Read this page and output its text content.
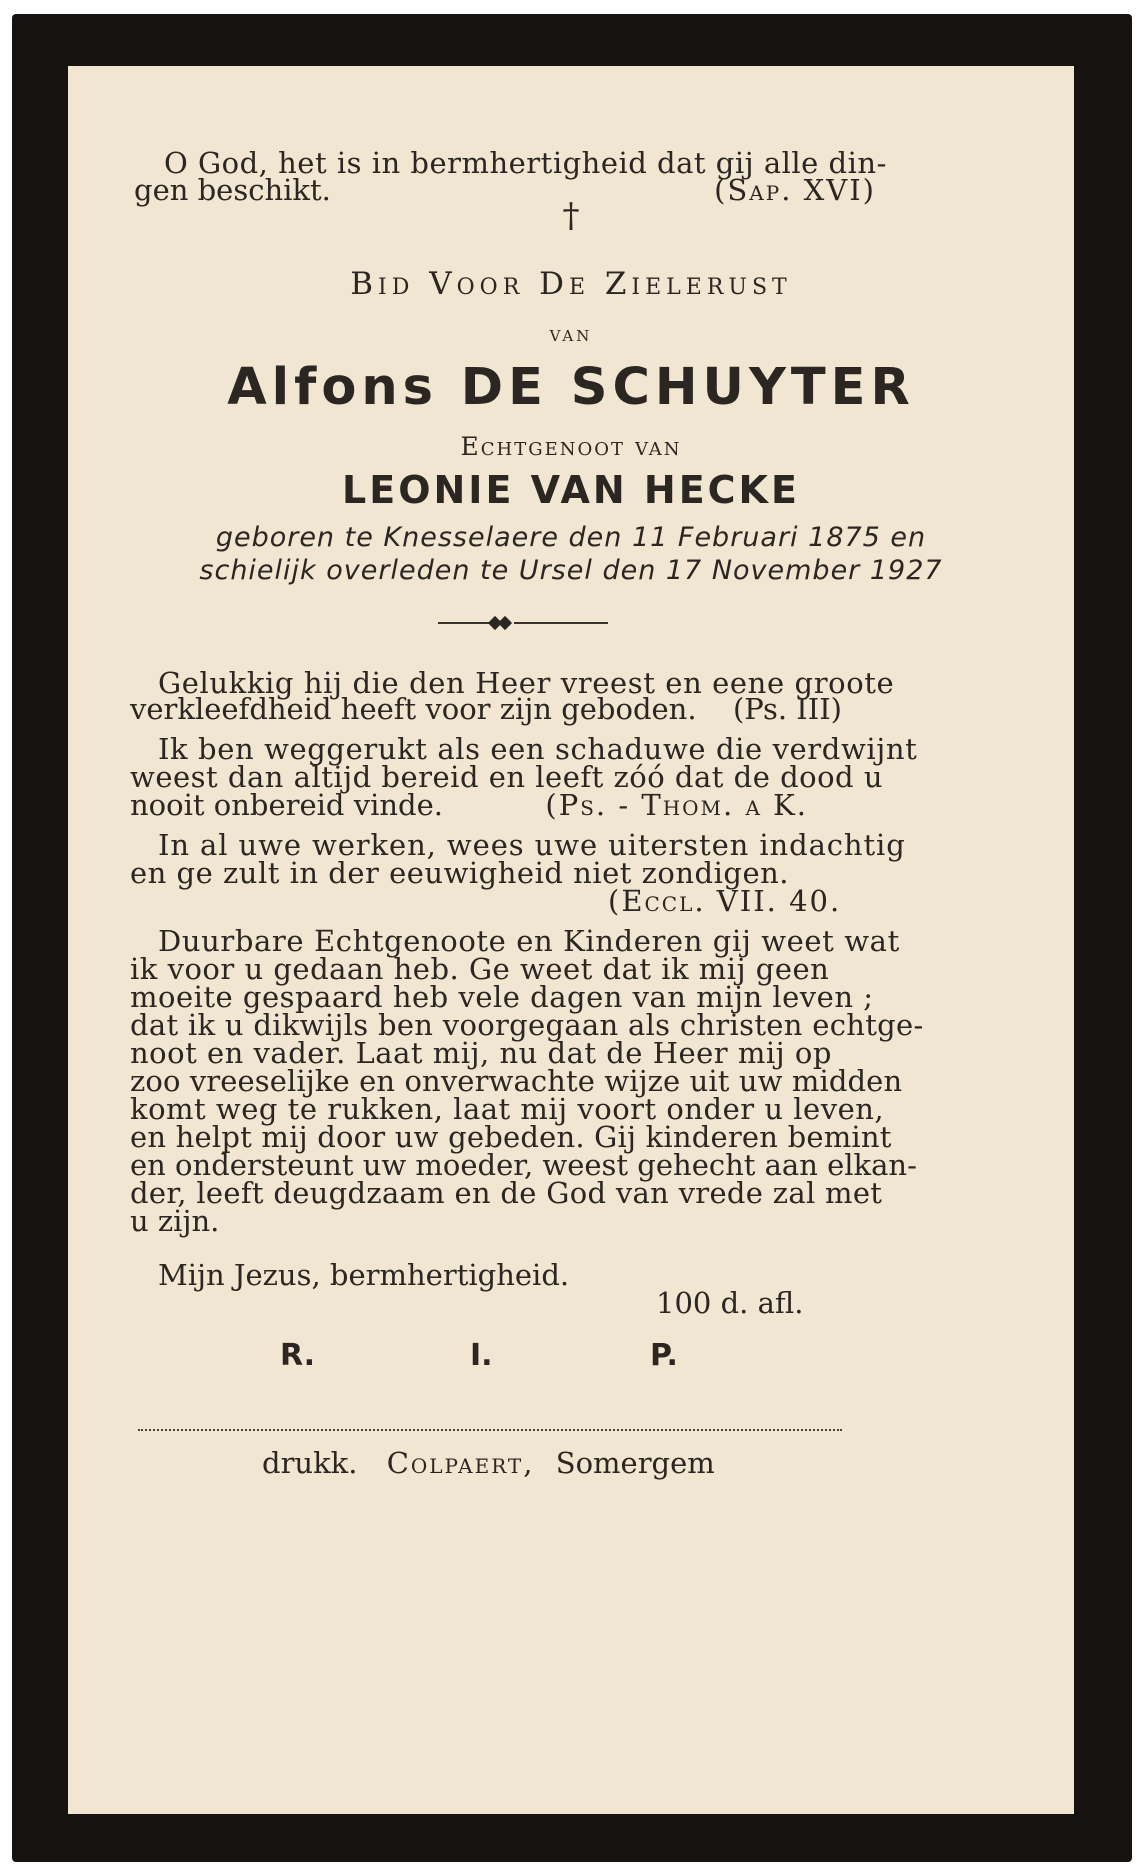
O God, het is in bermhertigheid dat gij alle din-
gen beschikt.	(Sap. XVI)
†
Bid Voor De Zielerust
van
Alfons DE SCHUYTER
Echtgenoot van
LEONIE VAN HECKE
geboren te Knesselaere den 11 Februari 1875 en
schielijk overleden te Ursel den 17 November 1927
Gelukkig hij die den Heer vreest en eene groote
verkleefdheid heeft voor zijn geboden. (Ps. III)
Ik ben weggerukt als een schaduwe die verdwijnt
weest dan altijd bereid en leeft zóó dat de dood u
nooit onbereid vinde.	(Ps. - Thom. a K.
In al uwe werken, wees uwe uitersten indachtig
en ge zult in der eeuwigheid niet zondigen.
(Eccl. VII. 40.
Duurbare Echtgenoote en Kinderen gij weet wat
ik voor u gedaan heb. Ge weet dat ik mij geen
moeite gespaard heb vele dagen van mijn leven ;
dat ik u dikwijls ben voorgegaan als christen echtge-
noot en vader. Laat mij, nu dat de Heer mij op
zoo vreeselijke en onverwachte wijze uit uw midden
komt weg te rukken, laat mij voort onder u leven,
en helpt mij door uw gebeden. Gij kinderen bemint
en ondersteunt uw moeder, weest gehecht aan elkan-
der, leeft deugdzaam en de God van vrede zal met
u zijn.
Mijn Jezus, bermhertigheid.
100 d. afl.
R.	I.	P.
drukk. Colpaert, Somergem
